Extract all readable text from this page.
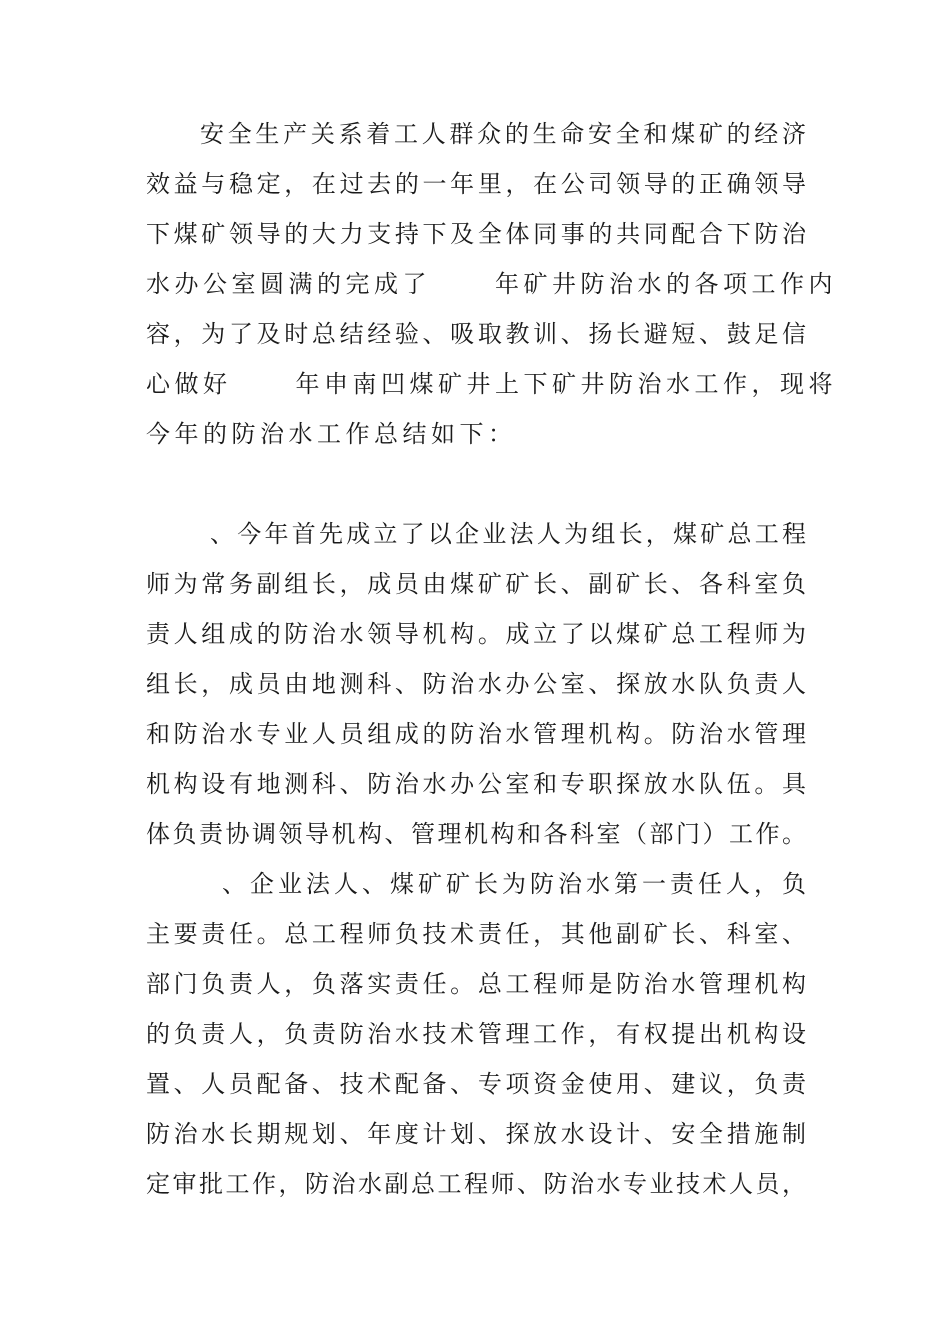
安全生产关系着工人群众的生命安全和煤矿的经济
效益与稳定，在过去的一年里，在公司领导的正确领导
下煤矿领导的大力支持下及全体同事的共同配合下防治
水办公室圆满的完成了	年矿井防治水的各项工作内
容，为了及时总结经验、吸取教训、扬长避短、鼓足信
心做好	年申南凹煤矿井上下矿井防治水工作，现将
今年的防治水工作总结如下：
、今年首先成立了以企业法人为组长，煤矿总工程
师为常务副组长，成员由煤矿矿长、副矿长、各科室负
责人组成的防治水领导机构。成立了以煤矿总工程师为
组长，成员由地测科、防治水办公室、探放水队负责人
和防治水专业人员组成的防治水管理机构。防治水管理
机构设有地测科、防治水办公室和专职探放水队伍。具
体负责协调领导机构、管理机构和各科室（部门）工作。
、企业法人、煤矿矿长为防治水第一责任人，负
主要责任。总工程师负技术责任，其他副矿长、科室、
部门负责人，负落实责任。总工程师是防治水管理机构
的负责人，负责防治水技术管理工作，有权提出机构设
置、人员配备、技术配备、专项资金使用、建议，负责
防治水长期规划、年度计划、探放水设计、安全措施制
定审批工作，防治水副总工程师、防治水专业技术人员，
